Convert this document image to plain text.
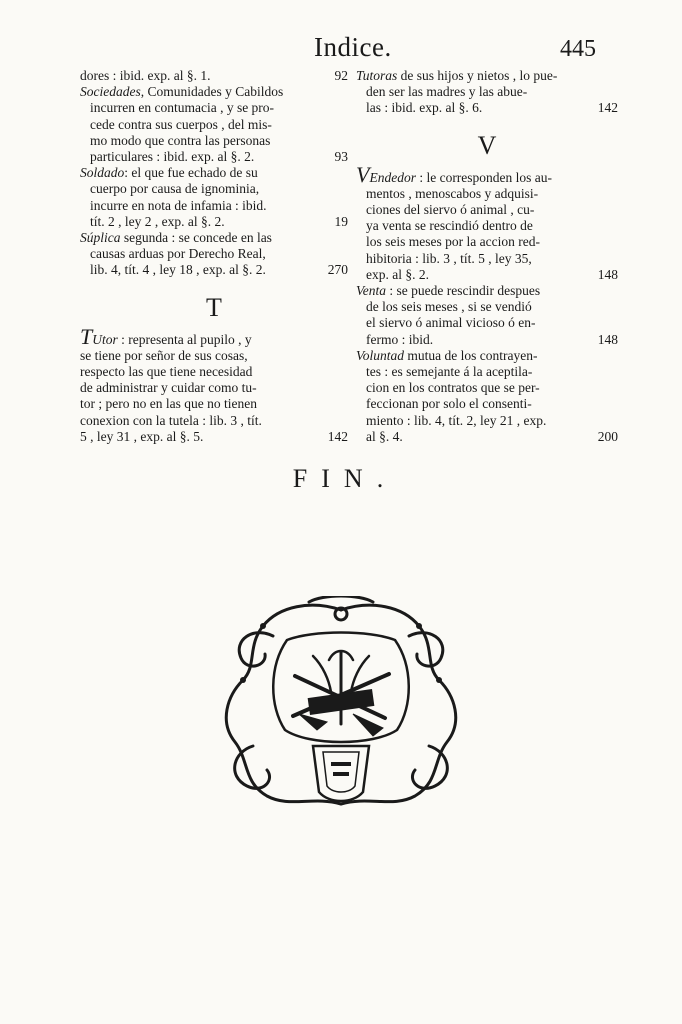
Indice.	445
dores : ibid. exp. al §. 1.	92
Sociedades, Comunidades y Cabildos
incurren en contumacia , y se pro-
cede contra sus cuerpos , del mis-
mo modo que contra las personas
particulares : ibid. exp. al §. 2.	93
Soldado: el que fue echado de su
cuerpo por causa de ignominia,
incurre en nota de infamia : ibid.
tít. 2 , ley 2 , exp. al §. 2.	19
Súplica segunda : se concede en las
causas arduas por Derecho Real,
lib. 4, tít. 4 , ley 18 , exp. al §. 2.	270
T
TUtor : representa al pupilo , y
se tiene por señor de sus cosas,
respecto las que tiene necesidad
de administrar y cuidar como tu-
tor ; pero no en las que no tienen
conexion con la tutela : lib. 3 , tít.
5 , ley 31 , exp. al §. 5.	142
Tutoras de sus hijos y nietos , lo pue-
den ser las madres y las abue-
las : ibid. exp. al §. 6.	142
V
VEndedor : le corresponden los au-
mentos , menoscabos y adquisi-
ciones del siervo ó animal , cu-
ya venta se rescindió dentro de
los seis meses por la accion red-
hibitoria : lib. 3 , tít. 5 , ley 35,
exp. al §. 2.	148
Venta : se puede rescindir despues
de los seis meses , si se vendió
el siervo ó animal vicioso ó en-
fermo : ibid.	148
Voluntad mutua de los contrayen-
tes : es semejante á la aceptila-
cion en los contratos que se per-
feccionan por solo el consenti-
miento : lib. 4, tít. 2, ley 21 , exp.
al §. 4.	200
FIN.
